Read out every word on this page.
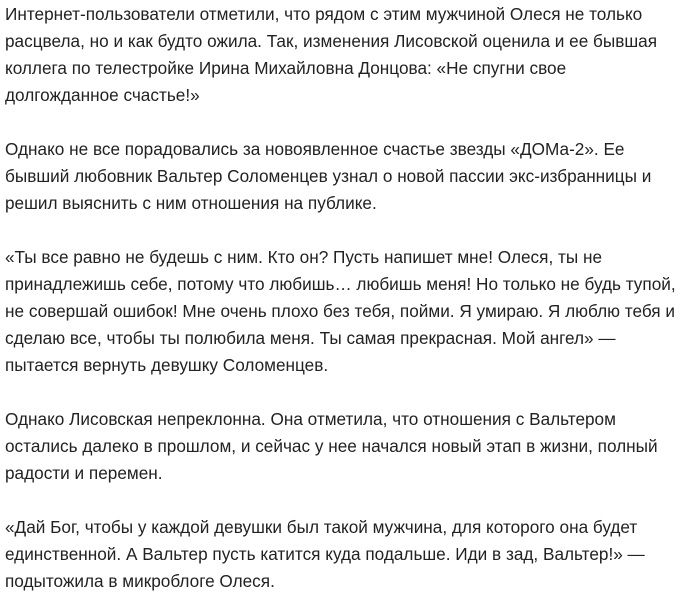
Интернет-пользователи отметили, что рядом с этим мужчиной Олеся не только
расцвела, но и как будто ожила. Так, изменения Лисовской оценила и ее бывшая
коллега по телестройке Ирина Михайловна Донцова: «Не спугни свое
долгожданное счастье!»

Однако не все порадовались за новоявленное счастье звезды «ДОМа-2». Ее
бывший любовник Вальтер Соломенцев узнал о новой пассии экс-избранницы и
решил выяснить с ним отношения на публике.

«Ты все равно не будешь с ним. Кто он? Пусть напишет мне! Олеся, ты не
принадлежишь себе, потому что любишь… любишь меня! Но только не будь тупой,
не совершай ошибок! Мне очень плохо без тебя, пойми. Я умираю. Я люблю тебя и
сделаю все, чтобы ты полюбила меня. Ты самая прекрасная. Мой ангел» —
пытается вернуть девушку Соломенцев.

Однако Лисовская непреклонна. Она отметила, что отношения с Вальтером
остались далеко в прошлом, и сейчас у нее начался новый этап в жизни, полный
радости и перемен.

«Дай Бог, чтобы у каждой девушки был такой мужчина, для которого она будет
единственной. А Вальтер пусть катится куда подальше. Иди в зад, Вальтер!» —
подытожила в микроблоге Олеся.
